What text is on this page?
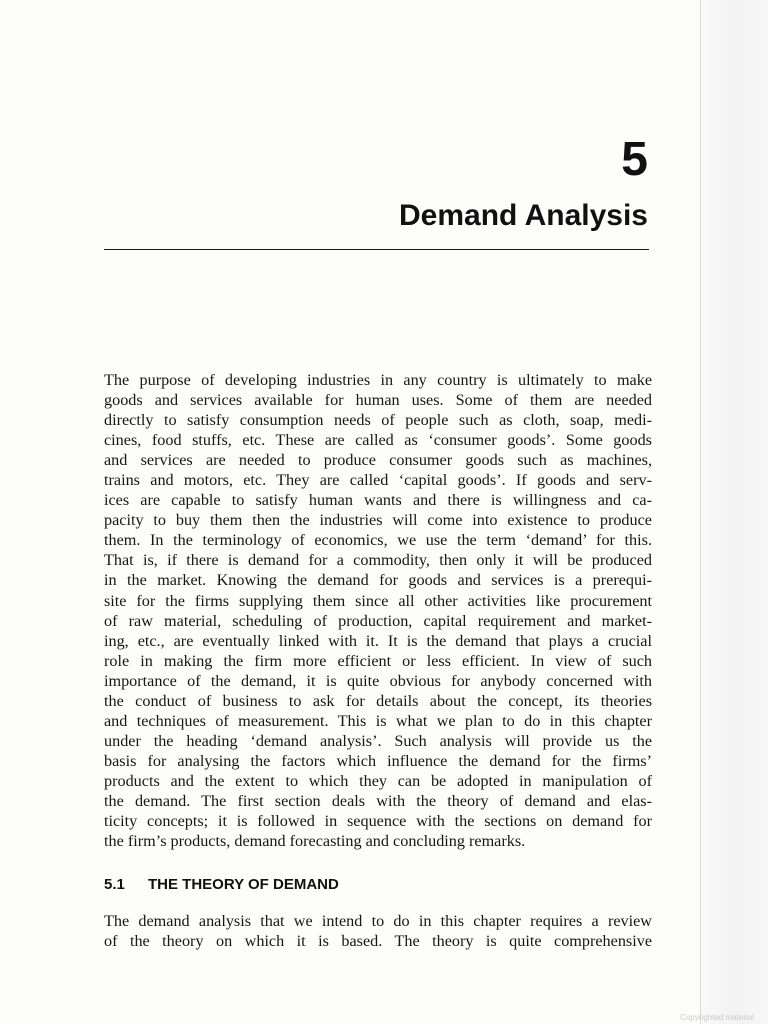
5
Demand Analysis

The purpose of developing industries in any country is ultimately to make
goods and services available for human uses. Some of them are needed
directly to satisfy consumption needs of people such as cloth, soap, medi-
cines, food stuffs, etc. These are called as ‘consumer goods’. Some goods
and services are needed to produce consumer goods such as machines,
trains and motors, etc. They are called ‘capital goods’. If goods and serv-
ices are capable to satisfy human wants and there is willingness and ca-
pacity to buy them then the industries will come into existence to produce
them. In the terminology of economics, we use the term ‘demand’ for this.
That is, if there is demand for a commodity, then only it will be produced
in the market. Knowing the demand for goods and services is a prerequi-
site for the firms supplying them since all other activities like procurement
of raw material, scheduling of production, capital requirement and market-
ing, etc., are eventually linked with it. It is the demand that plays a crucial
role in making the firm more efficient or less efficient. In view of such
importance of the demand, it is quite obvious for anybody concerned with
the conduct of business to ask for details about the concept, its theories
and techniques of measurement. This is what we plan to do in this chapter
under the heading ‘demand analysis’. Such analysis will provide us the
basis for analysing the factors which influence the demand for the firms’
products and the extent to which they can be adopted in manipulation of
the demand. The first section deals with the theory of demand and elas-
ticity concepts; it is followed in sequence with the sections on demand for
the firm’s products, demand forecasting and concluding remarks.

5.1 THE THEORY OF DEMAND

The demand analysis that we intend to do in this chapter requires a review
of the theory on which it is based. The theory is quite comprehensive

Copyrighted material
